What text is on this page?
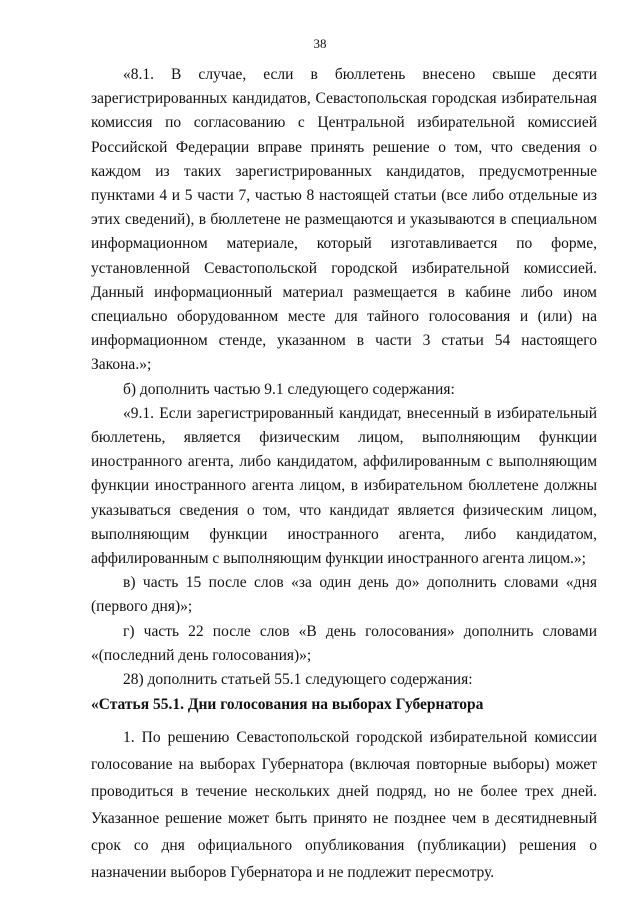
38

«8.1. В случае, если в бюллетень внесено свыше десяти зарегистрированных кандидатов, Севастопольская городская избирательная комиссия по согласованию с Центральной избирательной комиссией Российской Федерации вправе принять решение о том, что сведения о каждом из таких зарегистрированных кандидатов, предусмотренные пунктами 4 и 5 части 7, частью 8 настоящей статьи (все либо отдельные из этих сведений), в бюллетене не размещаются и указываются в специальном информационном материале, который изготавливается по форме, установленной Севастопольской городской избирательной комиссией. Данный информационный материал размещается в кабине либо ином специально оборудованном месте для тайного голосования и (или) на информационном стенде, указанном в части 3 статьи 54 настоящего Закона.»;

б) дополнить частью 9.1 следующего содержания:

«9.1. Если зарегистрированный кандидат, внесенный в избирательный бюллетень, является физическим лицом, выполняющим функции иностранного агента, либо кандидатом, аффилированным с выполняющим функции иностранного агента лицом, в избирательном бюллетене должны указываться сведения о том, что кандидат является физическим лицом, выполняющим функции иностранного агента, либо кандидатом, аффилированным с выполняющим функции иностранного агента лицом.»;

в) часть 15 после слов «за один день до» дополнить словами «дня (первого дня)»;

г) часть 22 после слов «В день голосования» дополнить словами «(последний день голосования)»;

28) дополнить статьей 55.1 следующего содержания:

«Статья 55.1. Дни голосования на выборах Губернатора

1. По решению Севастопольской городской избирательной комиссии голосование на выборах Губернатора (включая повторные выборы) может проводиться в течение нескольких дней подряд, но не более трех дней. Указанное решение может быть принято не позднее чем в десятидневный срок со дня официального опубликования (публикации) решения о назначении выборов Губернатора и не подлежит пересмотру.
